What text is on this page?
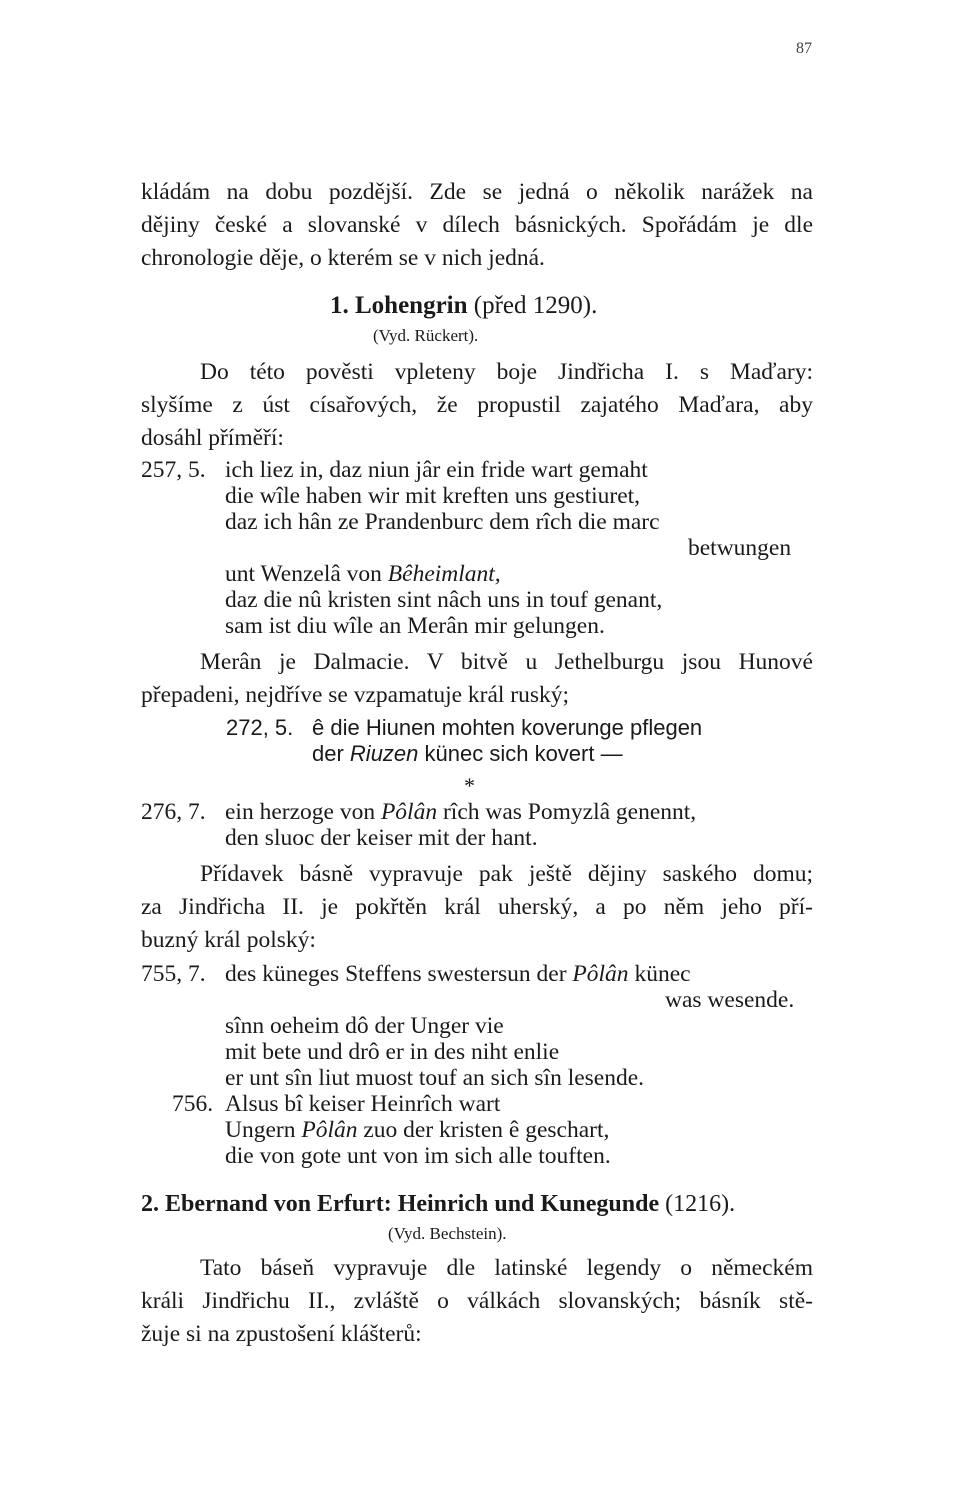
87
kládám na dobu pozdější. Zde se jedná o několik narážek na
dějiny české a slovanské v dílech básnických. Spořádám je dle
chronologie děje, o kterém se v nich jedná.
1. Lohengrin (před 1290).
(Vyd. Rückert).
Do této pověsti vpleteny boje Jindřicha I. s Maďary:
slyšíme z úst císařových, že propustil zajatého Maďara, aby
dosáhl příměří:
257, 5. ich liez in, daz niun jâr ein fride wart gemaht
die wîle haben wir mit kreften uns gestiuret,
daz ich hân ze Prandenburc dem rîch die marc
betwungen
unt Wenzelâ von Bêheimlant,
daz die nû kristen sint nâch uns in touf genant,
sam ist diu wîle an Merân mir gelungen.
Merân je Dalmacie. V bitvě u Jethelburgu jsou Hunové
přepadeni, nejdříve se vzpamatuje král ruský;
272, 5. ê die Hiunen mohten koverunge pflegen
der Riuzen künec sich kovert —
*
276, 7. ein herzoge von Pôlân rîch was Pomyzlâ genennt,
den sluoc der keiser mit der hant.
Přídavek básně vypravuje pak ještě dějiny saského domu;
za Jindřicha II. je pokřtěn král uherský, a po něm jeho pří-
buzný král polský:
755, 7. des küneges Steffens swestersun der Pôlân künec
was wesende.
sînn oeheim dô der Unger vie
mit bete und drô er in des niht enlie
er unt sîn liut muost touf an sich sîn lesende.
756. Alsus bî keiser Heinrîch wart
Ungern Pôlân zuo der kristen ê geschart,
die von gote unt von im sich alle touften.
2. Ebernand von Erfurt: Heinrich und Kunegunde (1216).
(Vyd. Bechstein).
Tato báseň vypravuje dle latinské legendy o německém
králi Jindřichu II., zvláště o válkách slovanských; básník stě-
žuje si na zpustošení klášterů:
